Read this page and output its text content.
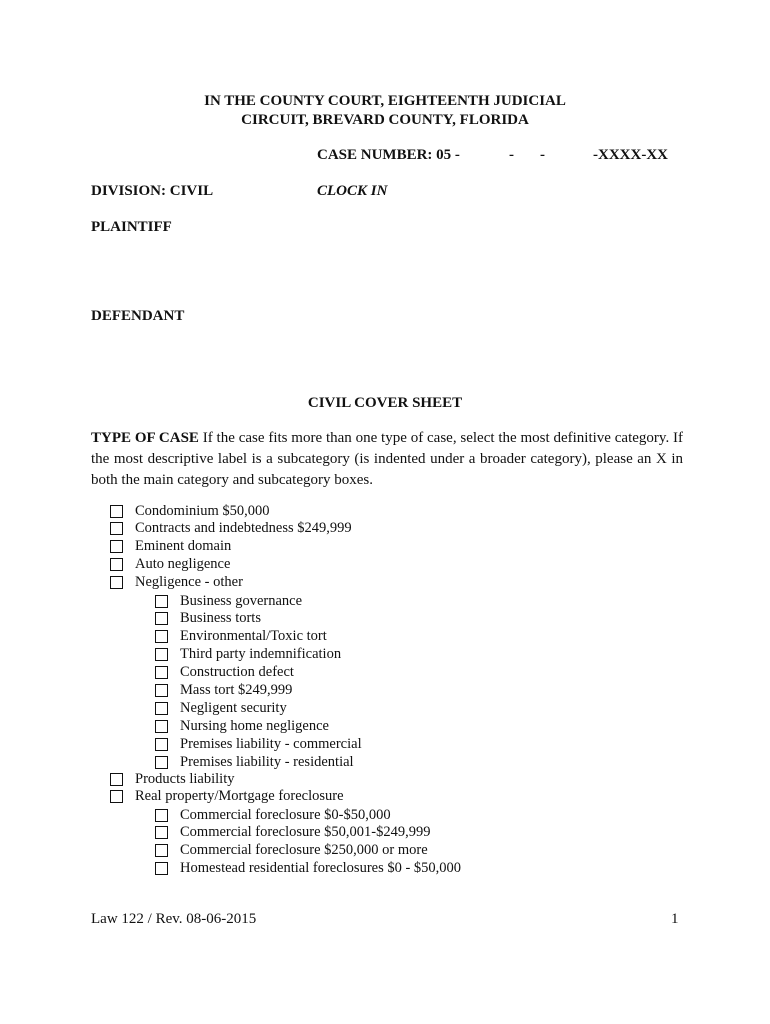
IN THE COUNTY COURT, EIGHTEENTH JUDICIAL
CIRCUIT, BREVARD COUNTY, FLORIDA
CASE NUMBER: 05 -	- -	-XXXX-XX
DIVISION: CIVIL	CLOCK IN
PLAINTIFF
DEFENDANT
CIVIL COVER SHEET
TYPE OF CASE If the case fits more than one type of case, select the most definitive category. If the most descriptive label is a subcategory (is indented under a broader category), please an X in both the main category and subcategory boxes.
Condominium $50,000
Contracts and indebtedness $249,999
Eminent domain
Auto negligence
Negligence - other
Business governance
Business torts
Environmental/Toxic tort
Third party indemnification
Construction defect
Mass tort $249,999
Negligent security
Nursing home negligence
Premises liability - commercial
Premises liability - residential
Products liability
Real property/Mortgage foreclosure
Commercial foreclosure $0-$50,000
Commercial foreclosure $50,001-$249,999
Commercial foreclosure $250,000 or more
Homestead residential foreclosures $0 - $50,000
Law 122 / Rev. 08-06-2015	1
